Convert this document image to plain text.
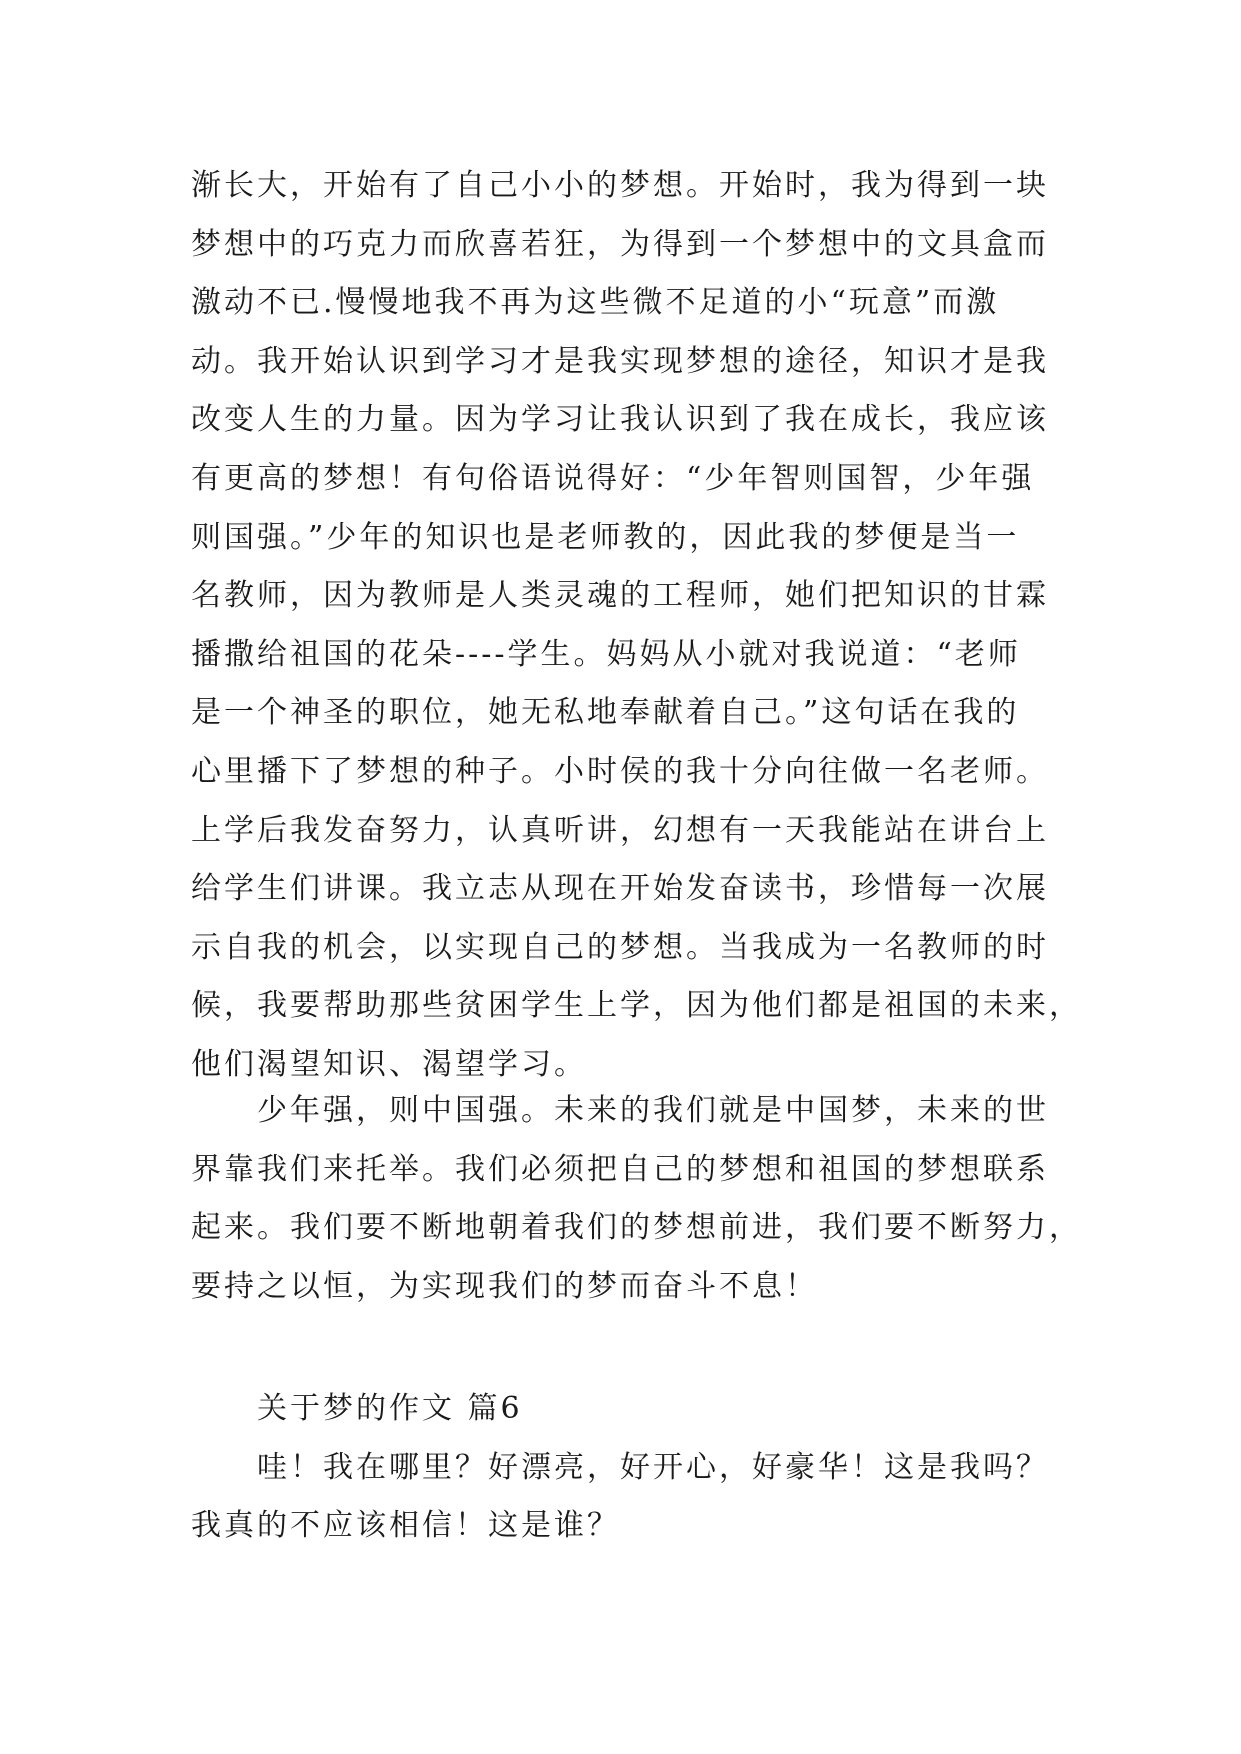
渐长大，开始有了自己小小的梦想。开始时，我为得到一块
梦想中的巧克力而欣喜若狂，为得到一个梦想中的文具盒而
激动不已.慢慢地我不再为这些微不足道的小“玩意”而激
动。我开始认识到学习才是我实现梦想的途径，知识才是我
改变人生的力量。因为学习让我认识到了我在成长，我应该
有更高的梦想！有句俗语说得好：“少年智则国智，少年强
则国强。”少年的知识也是老师教的，因此我的梦便是当一
名教师，因为教师是人类灵魂的工程师，她们把知识的甘霖
播撒给祖国的花朵----学生。妈妈从小就对我说道：“老师
是一个神圣的职位，她无私地奉献着自己。”这句话在我的
心里播下了梦想的种子。小时侯的我十分向往做一名老师。
上学后我发奋努力，认真听讲，幻想有一天我能站在讲台上
给学生们讲课。我立志从现在开始发奋读书，珍惜每一次展
示自我的机会，以实现自己的梦想。当我成为一名教师的时
候，我要帮助那些贫困学生上学，因为他们都是祖国的未来，
他们渴望知识、渴望学习。
少年强，则中国强。未来的我们就是中国梦，未来的世
界靠我们来托举。我们必须把自己的梦想和祖国的梦想联系
起来。我们要不断地朝着我们的梦想前进，我们要不断努力，
要持之以恒，为实现我们的梦而奋斗不息！
关于梦的作文 篇6
哇！我在哪里？好漂亮，好开心，好豪华！这是我吗？
我真的不应该相信！这是谁？
